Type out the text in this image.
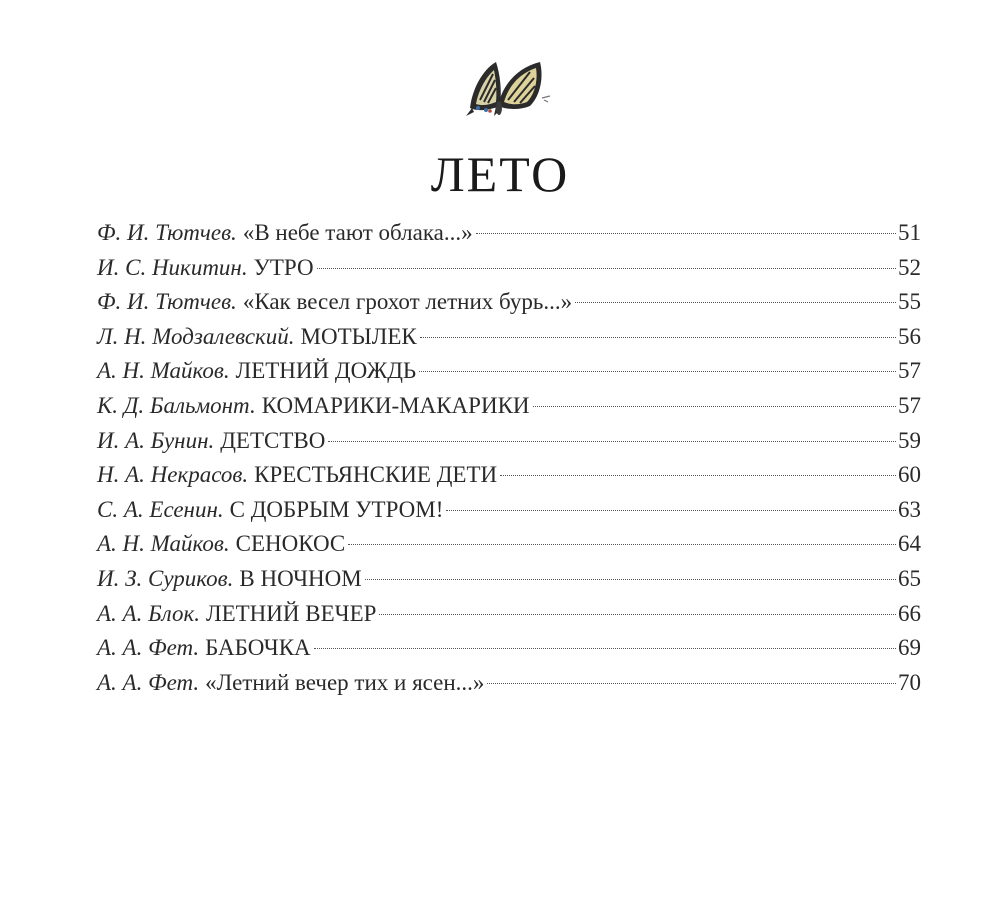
ЛЕТО
Ф. И. Тютчев. «В небе тают облака...»	51
И. С. Никитин. УТРО	52
Ф. И. Тютчев. «Как весел грохот летних бурь...»	55
Л. Н. Модзалевский. МОТЫЛЕК	56
А. Н. Майков. ЛЕТНИЙ ДОЖДЬ	57
К. Д. Бальмонт. КОМАРИКИ-МАКАРИКИ	57
И. А. Бунин. ДЕТСТВО	59
Н. А. Некрасов. КРЕСТЬЯНСКИЕ ДЕТИ	60
С. А. Есенин. С ДОБРЫМ УТРОМ!	63
А. Н. Майков. СЕНОКОС	64
И. З. Суриков. В НОЧНОМ	65
А. А. Блок. ЛЕТНИЙ ВЕЧЕР	66
А. А. Фет. БАБОЧКА	69
А. А. Фет. «Летний вечер тих и ясен...»	70
